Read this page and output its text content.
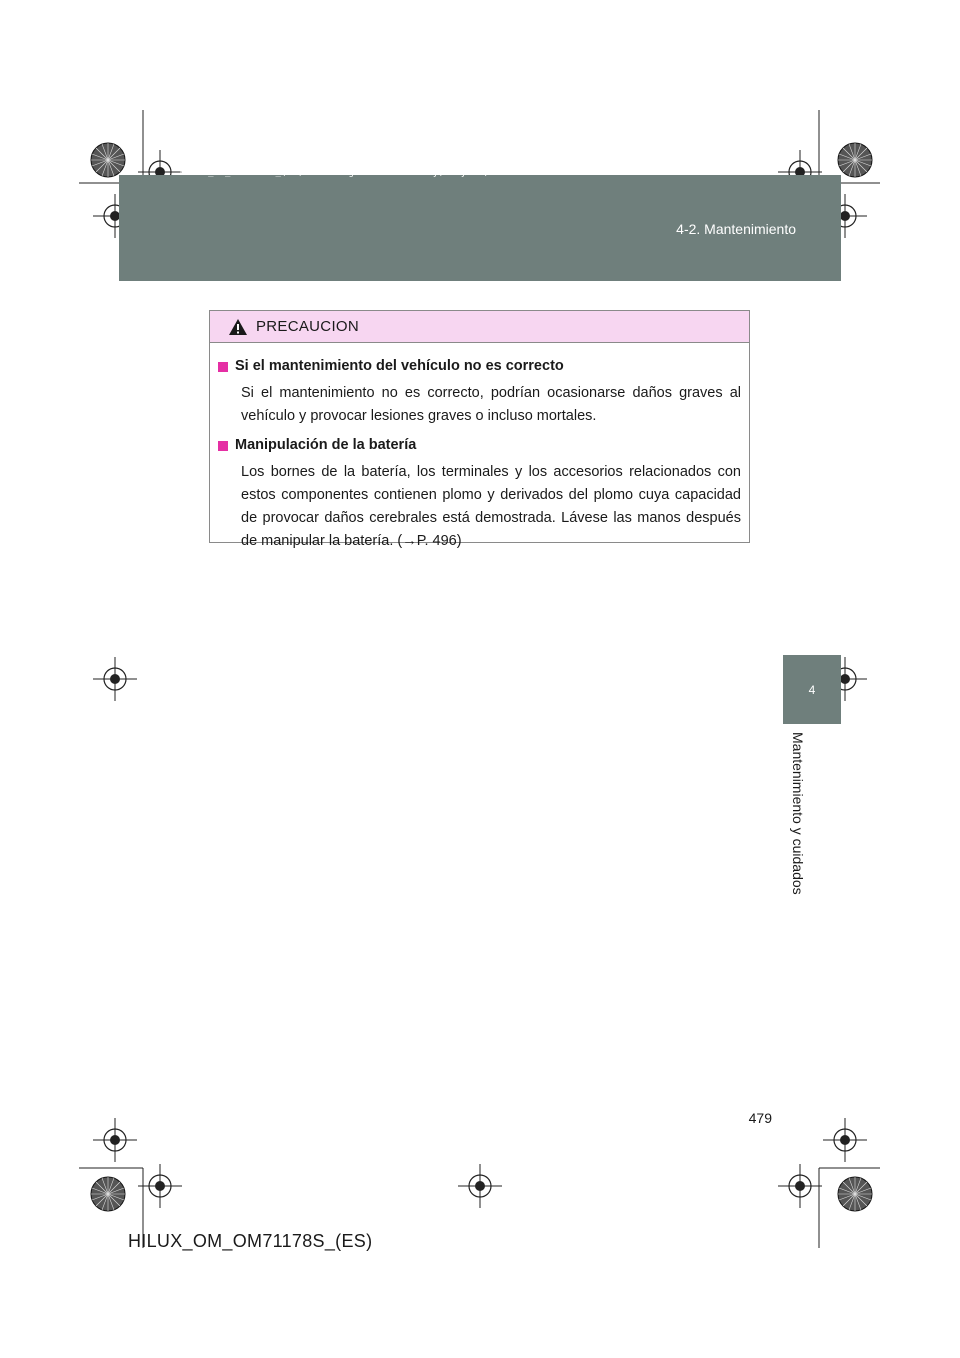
HILUX_OM_OM71178S_(ES).book Page 479 Wednesday, May 16, 2012 3:09 PM
4-2. Mantenimiento
4
Mantenimiento y cuidados
PRECAUCION
Si el mantenimiento del vehículo no es correcto
Si el mantenimiento no es correcto, podrían ocasionarse daños graves al vehículo y provocar lesiones graves o incluso mortales.
Manipulación de la batería
Los bornes de la batería, los terminales y los accesorios relacionados con estos componentes contienen plomo y derivados del plomo cuya capacidad de provocar daños cerebrales está demostrada. Lávese las manos después de manipular la batería. (→P. 496)
479
HILUX_OM_OM71178S_(ES)
